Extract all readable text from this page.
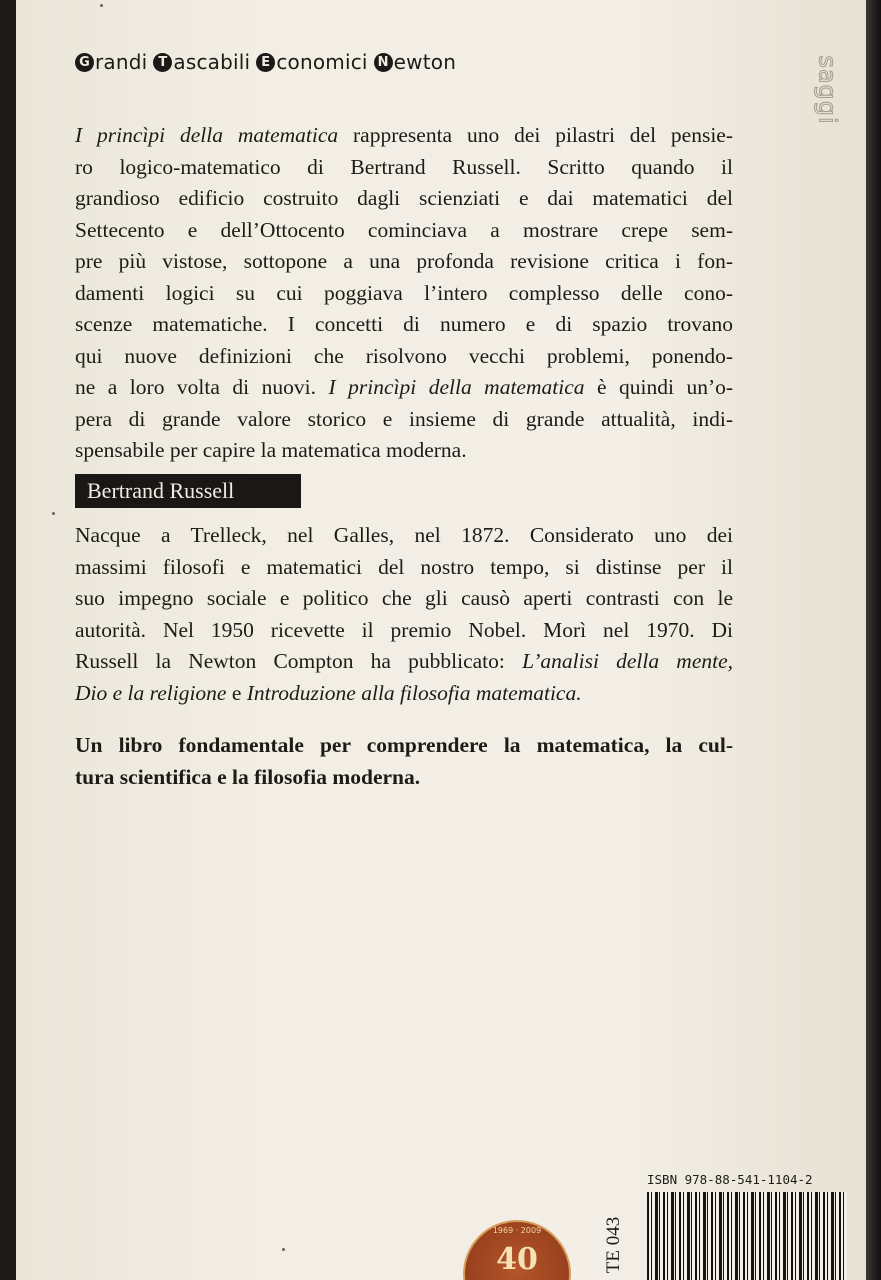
G randi T ascabili E conomici N ewton	saggi

I princìpi della matematica rappresenta uno dei pilastri del pensie-

ro logico-matematico di Bertrand Russell. Scritto quando il

grandioso edificio costruito dagli scienziati e dai matematici del

Settecento e dell’Ottocento cominciava a mostrare crepe sem-

pre più vistose, sottopone a una profonda revisione critica i fon-

damenti logici su cui poggiava l’intero complesso delle cono-

scenze matematiche. I concetti di numero e di spazio trovano

qui nuove definizioni che risolvono vecchi problemi, ponendo-

ne a loro volta di nuovi. I princìpi della matematica è quindi un’o-

pera di grande valore storico e insieme di grande attualità, indi-

spensabile per capire la matematica moderna.

Bertrand Russell

Nacque a Trelleck, nel Galles, nel 1872. Considerato uno dei

massimi filosofi e matematici del nostro tempo, si distinse per il

suo impegno sociale e politico che gli causò aperti contrasti con le

autorità. Nel 1950 ricevette il premio Nobel. Morì nel 1970. Di

Russell la Newton Compton ha pubblicato: L’analisi della mente,

Dio e la religione e Introduzione alla filosofia matematica.

Un libro fondamentale per comprendere la matematica, la cul-

tura scientifica e la filosofia moderna.

1969 · 2009
40	TE 043
ISBN 978-88-541-1104-2
